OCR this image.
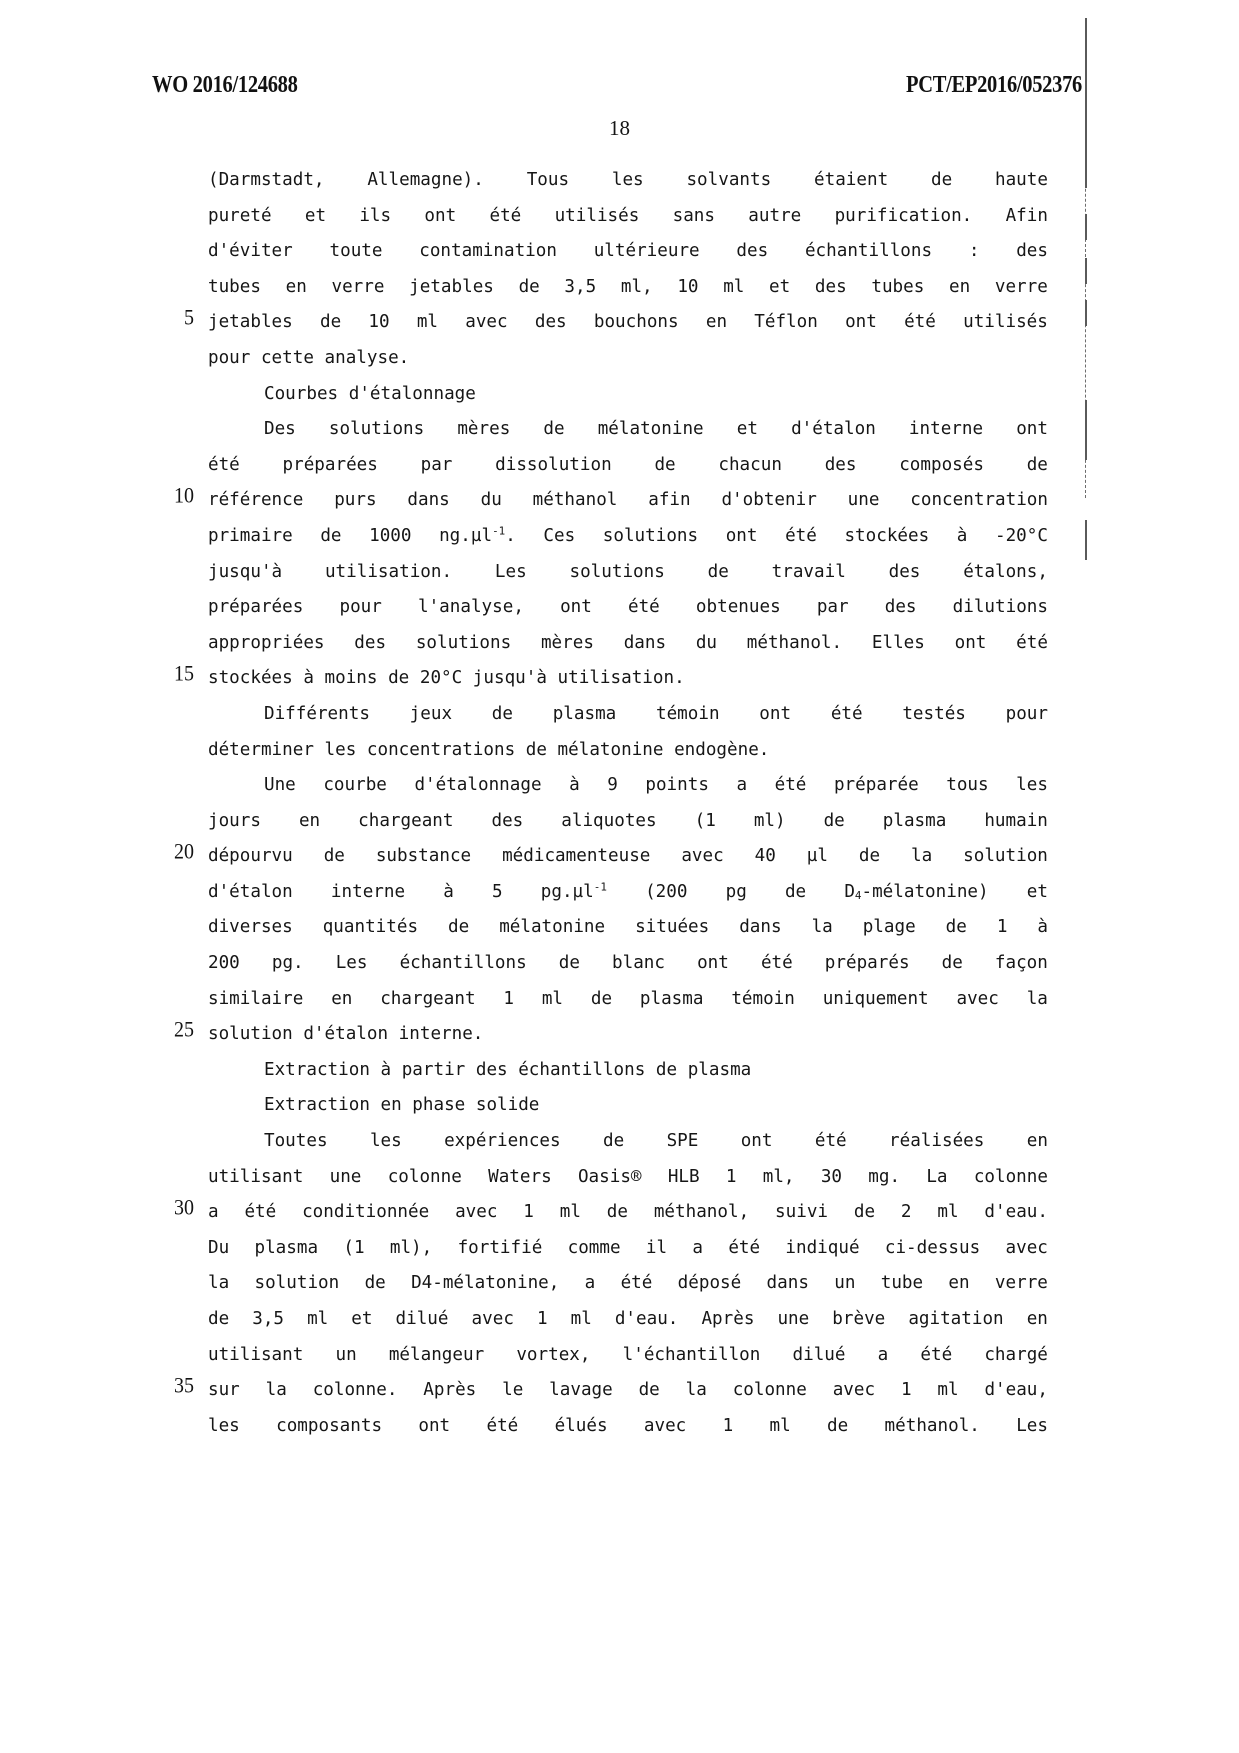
WO 2016/124688	PCT/EP2016/052376
18
(Darmstadt, Allemagne). Tous les solvants étaient de haute
pureté et ils ont été utilisés sans autre purification. Afin
d'éviter toute contamination ultérieure des échantillons : des
tubes en verre jetables de 3,5 ml, 10 ml et des tubes en verre
5 jetables de 10 ml avec des bouchons en Téflon ont été utilisés
pour cette analyse.
Courbes d'étalonnage
Des solutions mères de mélatonine et d'étalon interne ont
été préparées par dissolution de chacun des composés de
10 référence purs dans du méthanol afin d'obtenir une concentration
primaire de 1000 ng.µl$^{-1}$. Ces solutions ont été stockées à -20°C
jusqu'à utilisation. Les solutions de travail des étalons,
préparées pour l'analyse, ont été obtenues par des dilutions
appropriées des solutions mères dans du méthanol. Elles ont été
15 stockées à moins de 20°C jusqu'à utilisation.
Différents jeux de plasma témoin ont été testés pour
déterminer les concentrations de mélatonine endogène.
Une courbe d'étalonnage à 9 points a été préparée tous les
jours en chargeant des aliquotes (1 ml) de plasma humain
20 dépourvu de substance médicamenteuse avec 40 µl de la solution
d'étalon interne à 5 pg.µl$^{-1}$ (200 pg de $D_4-mélatonine$) et
diverses quantités de mélatonine situées dans la plage de 1 à
200 pg. Les échantillons de blanc ont été préparés de façon
similaire en chargeant 1 ml de plasma témoin uniquement avec la
25 solution d'étalon interne.
Extraction à partir des échantillons de plasma
Extraction en phase solide
Toutes les expériences de SPE ont été réalisées en
utilisant une colonne Waters Oasis® HLB 1 ml, 30 mg. La colonne
30 a été conditionnée avec 1 ml de méthanol, suivi de 2 ml d'eau.
Du plasma (1 ml), fortifié comme il a été indiqué ci-dessus avec
la solution de D4-mélatonine, a été déposé dans un tube en verre
de 3,5 ml et dilué avec 1 ml d'eau. Après une brève agitation en
utilisant un mélangeur vortex, l'échantillon dilué a été chargé
35 sur la colonne. Après le lavage de la colonne avec 1 ml d'eau,
les composants ont été élués avec 1 ml de méthanol. Les
